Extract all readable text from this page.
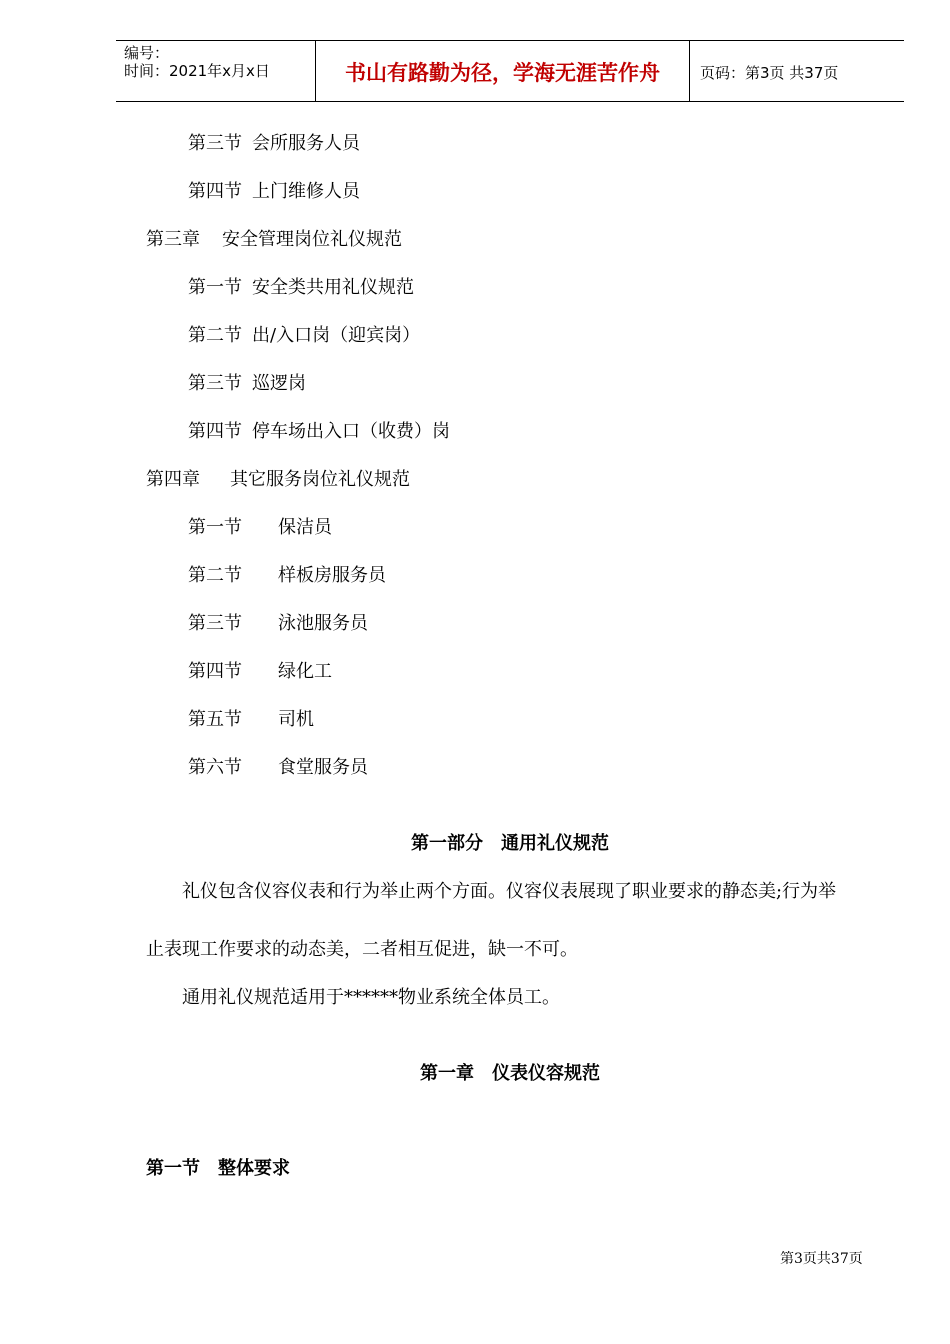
编号：
时间：2021年x月x日	书山有路勤为径，学海无涯苦作舟	页码：第3页 共37页
第三节 会所服务人员
第四节 上门维修人员
第三章 安全管理岗位礼仪规范
第一节 安全类共用礼仪规范
第二节 出/入口岗（迎宾岗）
第三节 巡逻岗
第四节 停车场出入口（收费）岗
第四章 其它服务岗位礼仪规范
第一节 保洁员
第二节 样板房服务员
第三节 泳池服务员
第四节 绿化工
第五节 司机
第六节 食堂服务员
第一部分　通用礼仪规范
礼仪包含仪容仪表和行为举止两个方面。仪容仪表展现了职业要求的静态美;行为举
止表现工作要求的动态美，二者相互促进，缺一不可。
通用礼仪规范适用于******物业系统全体员工。
第一章　仪表仪容规范
第一节　整体要求
第3页共37页
